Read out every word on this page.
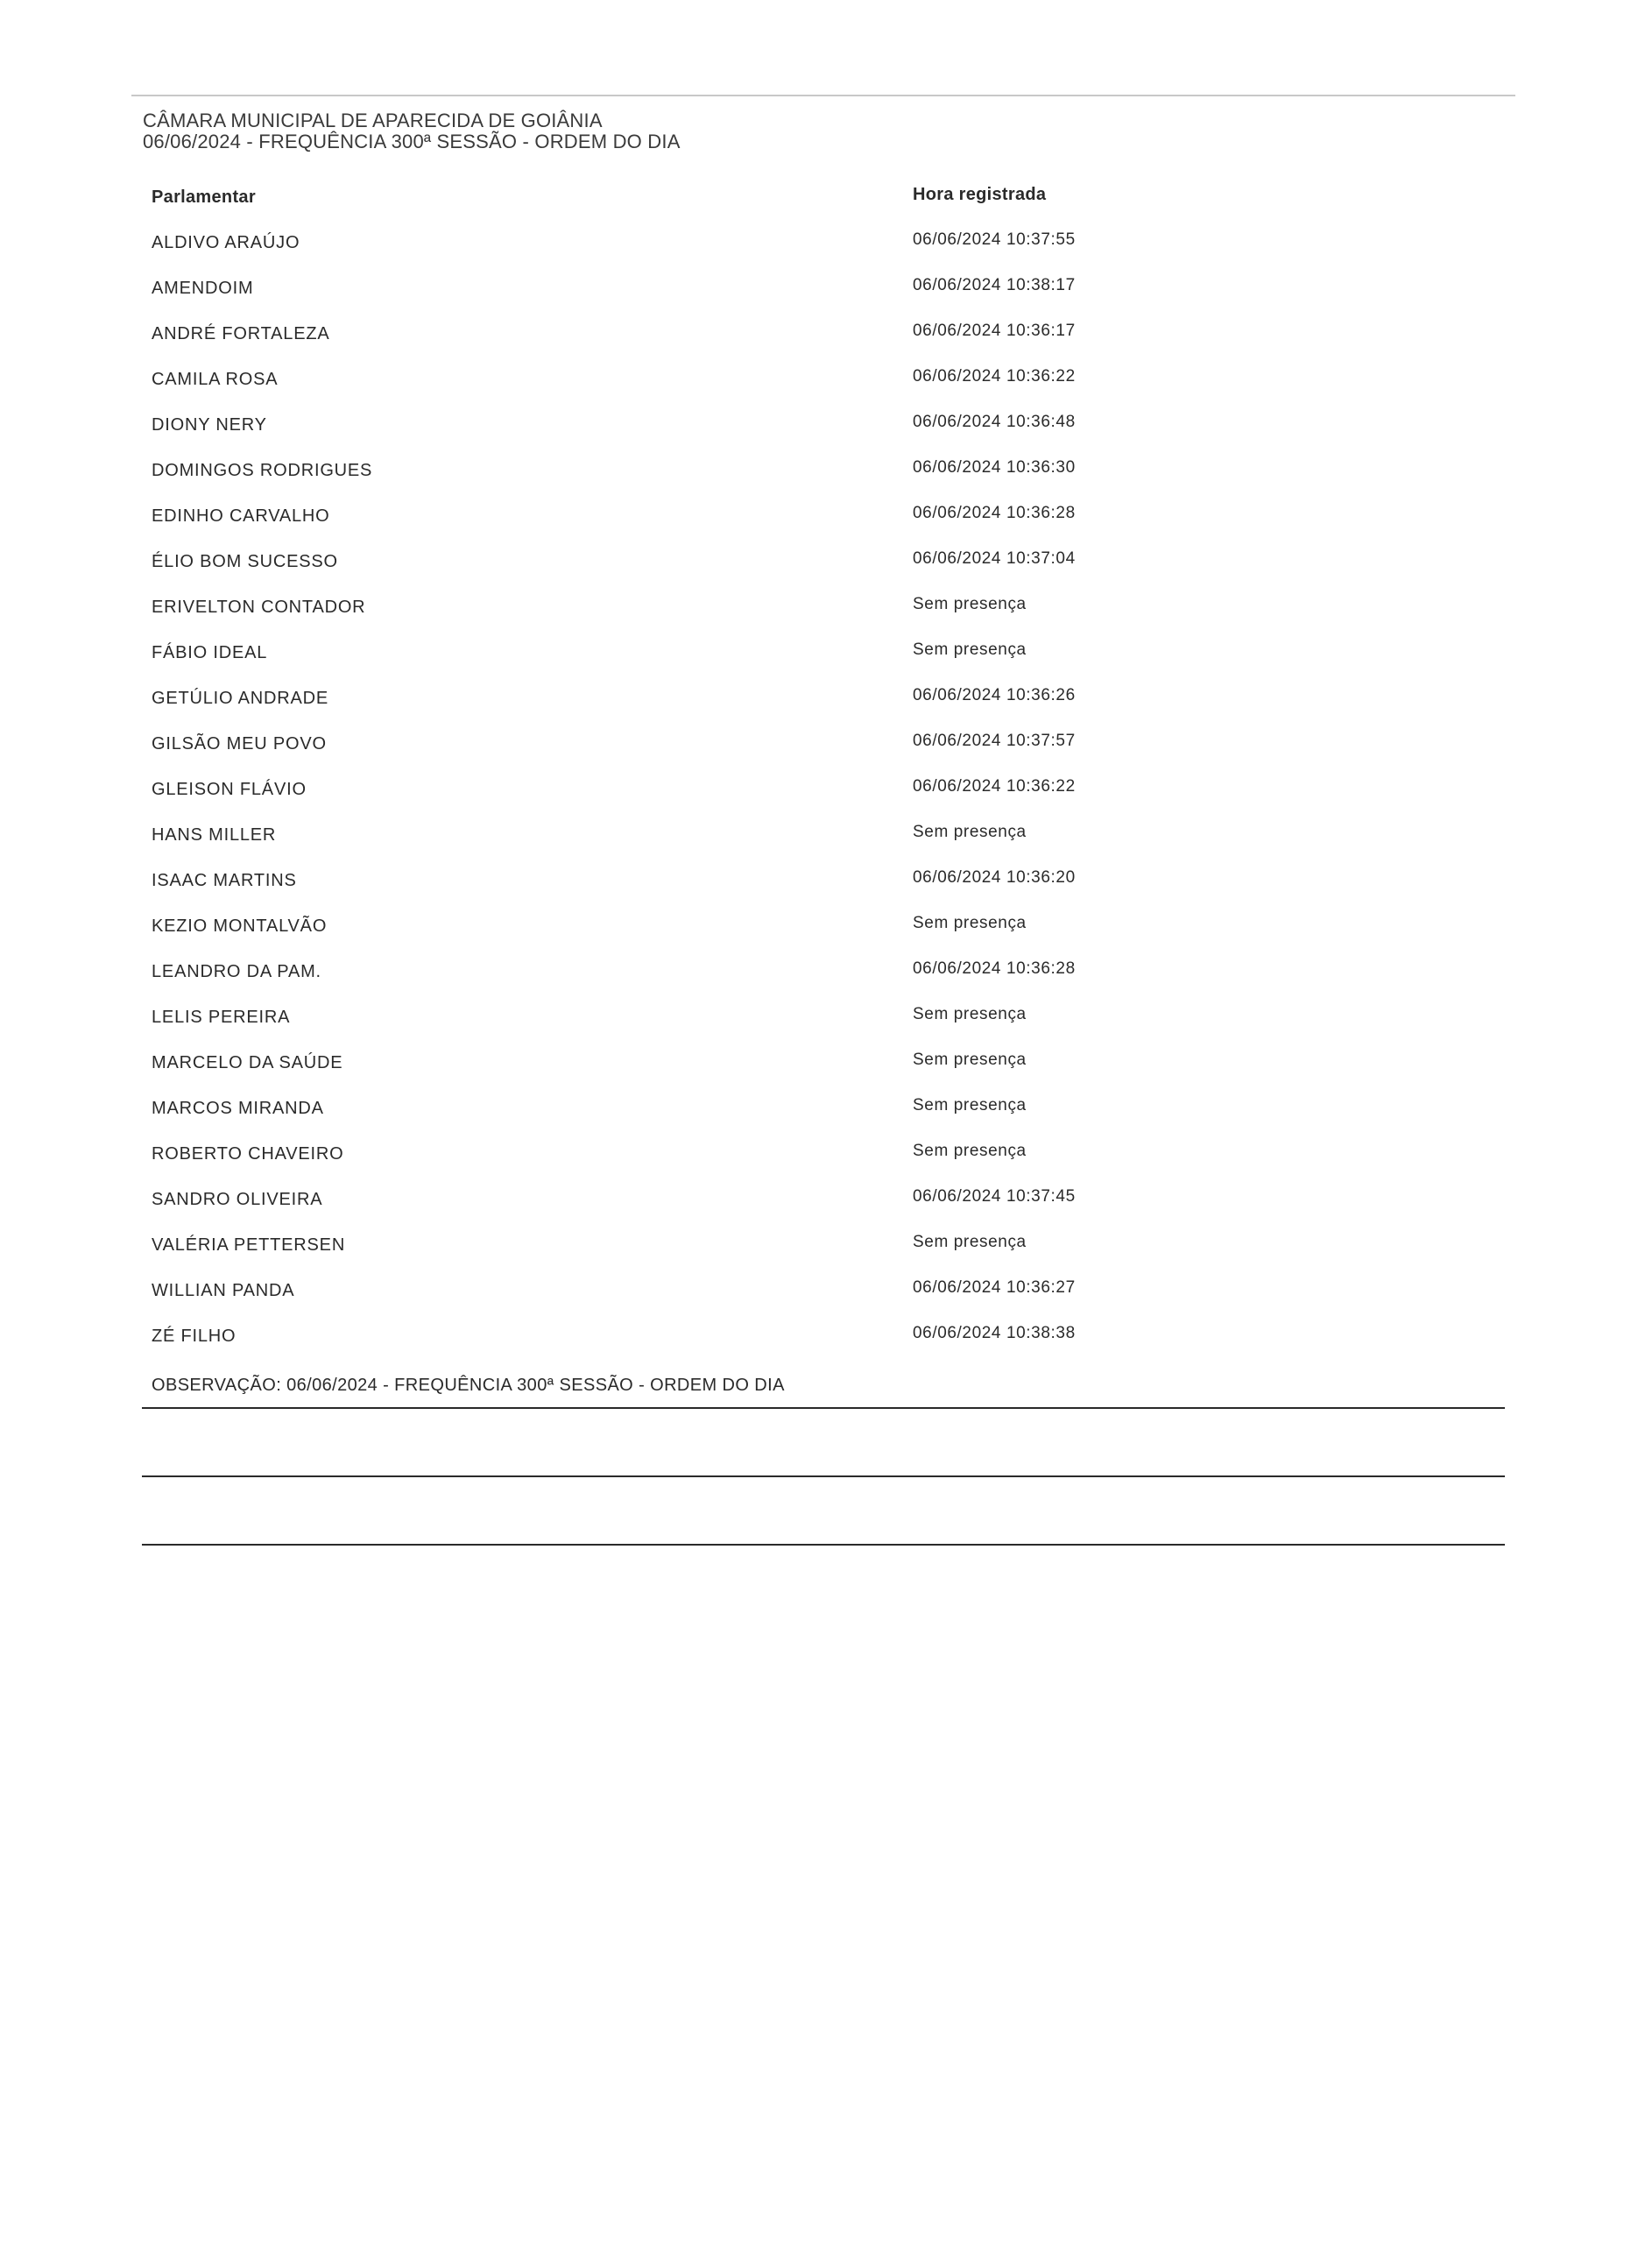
CÂMARA MUNICIPAL DE APARECIDA DE GOIÂNIA
06/06/2024 - FREQUÊNCIA 300ª SESSÃO - ORDEM DO DIA
Parlamentar	Hora registrada
ALDIVO ARAÚJO	06/06/2024 10:37:55
AMENDOIM	06/06/2024 10:38:17
ANDRÉ FORTALEZA	06/06/2024 10:36:17
CAMILA ROSA	06/06/2024 10:36:22
DIONY NERY	06/06/2024 10:36:48
DOMINGOS RODRIGUES	06/06/2024 10:36:30
EDINHO CARVALHO	06/06/2024 10:36:28
ÉLIO BOM SUCESSO	06/06/2024 10:37:04
ERIVELTON CONTADOR	Sem presença
FÁBIO IDEAL	Sem presença
GETÚLIO ANDRADE	06/06/2024 10:36:26
GILSÃO MEU POVO	06/06/2024 10:37:57
GLEISON FLÁVIO	06/06/2024 10:36:22
HANS MILLER	Sem presença
ISAAC MARTINS	06/06/2024 10:36:20
KEZIO MONTALVÃO	Sem presença
LEANDRO DA PAM.	06/06/2024 10:36:28
LELIS PEREIRA	Sem presença
MARCELO DA SAÚDE	Sem presença
MARCOS MIRANDA	Sem presença
ROBERTO CHAVEIRO	Sem presença
SANDRO OLIVEIRA	06/06/2024 10:37:45
VALÉRIA PETTERSEN	Sem presença
WILLIAN PANDA	06/06/2024 10:36:27
ZÉ FILHO	06/06/2024 10:38:38
OBSERVAÇÃO: 06/06/2024 - FREQUÊNCIA 300ª SESSÃO - ORDEM DO DIA
